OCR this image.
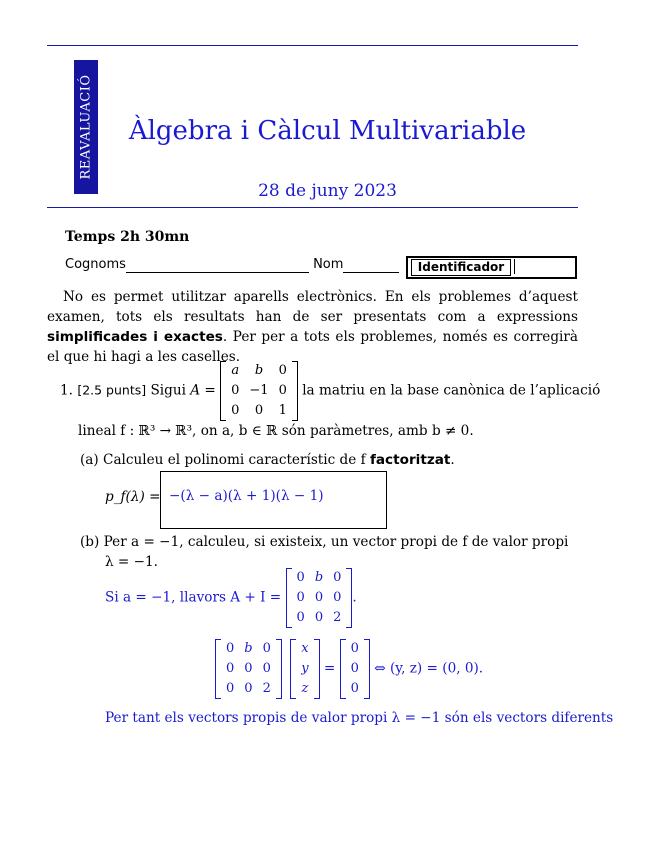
REAVALUACIÓ	Àlgebra i Càlcul Multivariable
28 de juny 2023
Temps 2h 30mn
Cognoms	Nom	Identificador
No es permet utilitzar aparells electrònics. En els problemes d’aquest examen, tots els resultats han de ser presentats com a expressions simplificades i exactes. Per per a tots els problemes, només es corregirà el que hi hagi a les caselles.
1. [2.5 punts] Sigui A =
a	b	0
0	−1	0
0	0	1
la matriu en la base canònica de l’aplicació
lineal f : ℝ³ → ℝ³, on a, b ∈ ℝ són paràmetres, amb b ≠ 0.
(a) Calculeu el polinomi característic de f factoritzat.
p_f(λ) = −(λ − a)(λ + 1)(λ − 1)
(b) Per a = −1, calculeu, si existeix, un vector propi de f de valor propi
λ = −1.
Si a = −1, llavors A + I =
0	b	0
0	0	0
0	0	2
.
0	b	0
0	0	0
0	0	2

x
y
z
=
0
0
0
⇔ (y, z) = (0, 0).
Per tant els vectors propis de valor propi λ = −1 són els vectors diferents
